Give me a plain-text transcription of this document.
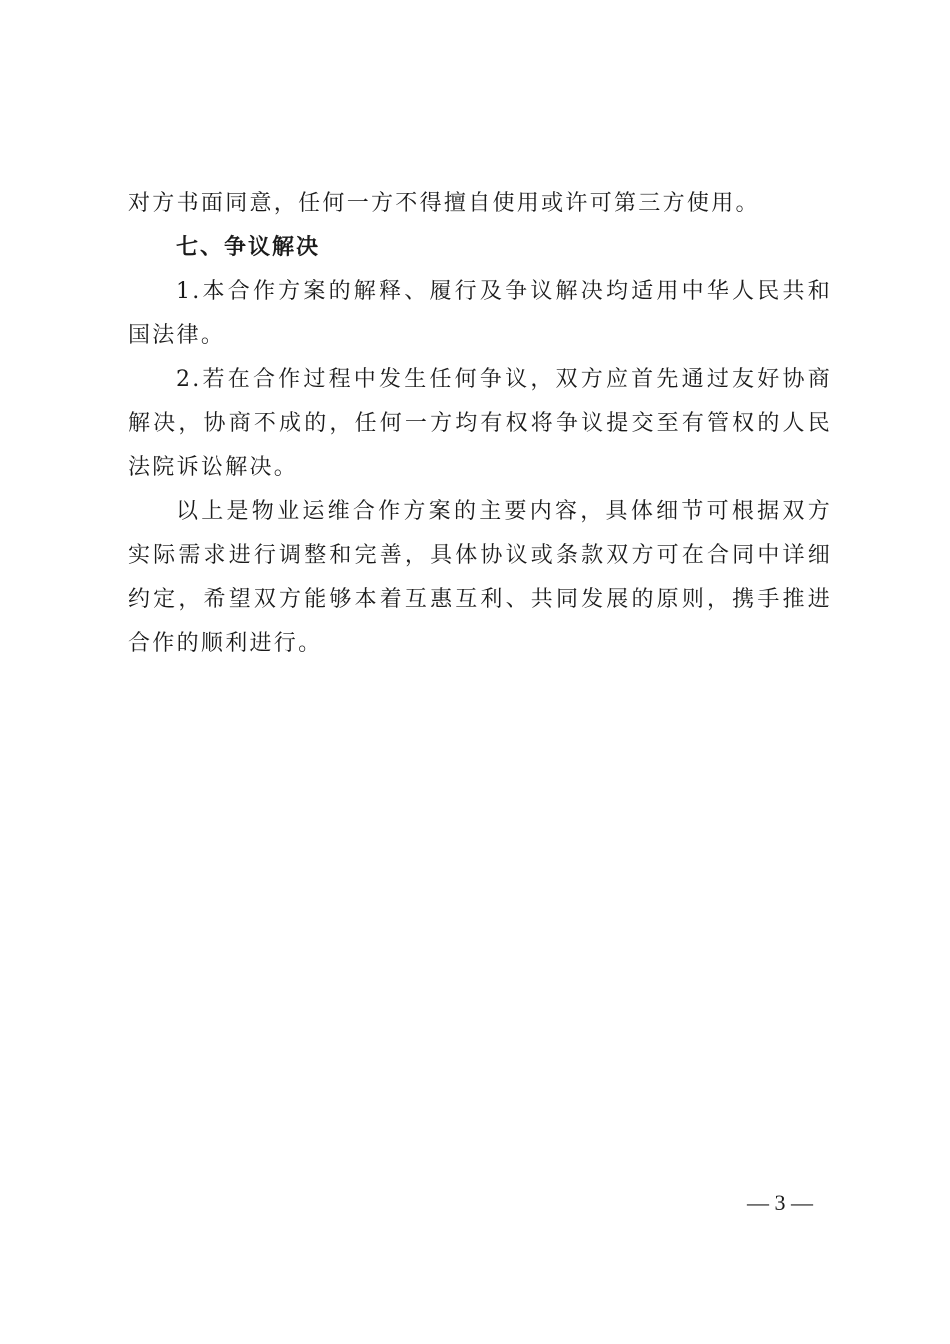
对方书面同意，任何一方不得擅自使用或许可第三方使用。

七、争议解决

1.本合作方案的解释、履行及争议解决均适用中华人民共和国法律。

2.若在合作过程中发生任何争议，双方应首先通过友好协商解决，协商不成的，任何一方均有权将争议提交至有管权的人民法院诉讼解决。

以上是物业运维合作方案的主要内容，具体细节可根据双方实际需求进行调整和完善，具体协议或条款双方可在合同中详细约定，希望双方能够本着互惠互利、共同发展的原则，携手推进合作的顺利进行。

— 3 —
